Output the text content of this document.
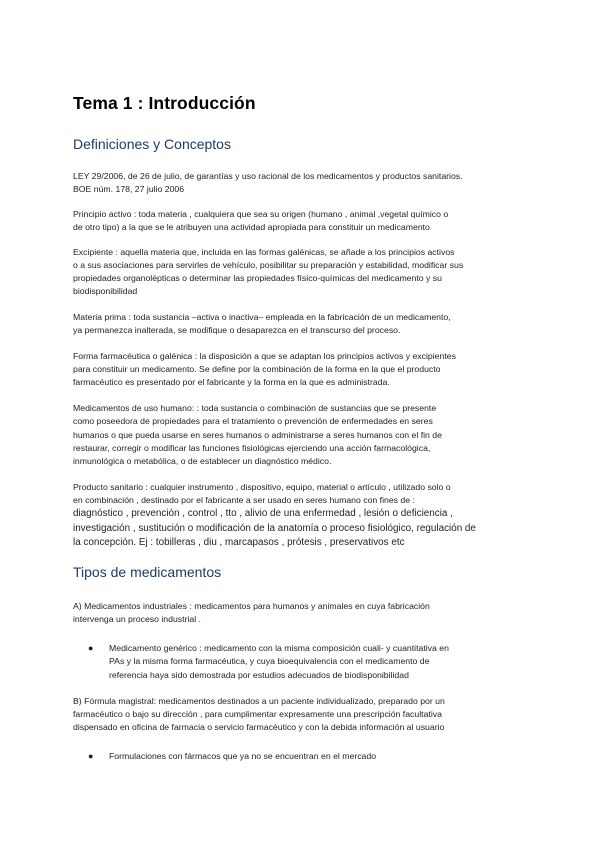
Tema 1 : Introducción
Definiciones y Conceptos

LEY 29/2006, de 26 de julio, de garantías y uso racional de los medicamentos y productos sanitarios.
BOE núm. 178, 27 julio 2006

Principio activo : toda materia , cualquiera que sea su origen (humano , animal ,vegetal químico o
de otro tipo) a la que se le atribuyen una actividad apropiada para constituir un medicamento

Excipiente : aquella materia que, incluida en las formas galénicas, se añade a los principios activos
o a sus asociaciones para servirles de vehículo, posibilitar su preparación y estabilidad, modificar sus
propiedades organolépticas o determinar las propiedades físico-químicas del medicamento y su
biodisponibilidad

Materia prima : toda sustancia –activa o inactiva– empleada en la fabricación de un medicamento,
ya permanezca inalterada, se modifique o desaparezca en el transcurso del proceso.

Forma farmacéutica o galénica : la disposición a que se adaptan los principios activos y excipientes
para constituir un medicamento. Se define por la combinación de la forma en la que el producto
farmacéutico es presentado por el fabricante y la forma en la que es administrada.

Medicamentos de uso humano: : toda sustancia o combinación de sustancias que se presente
como poseedora de propiedades para el tratamiento o prevención de enfermedades en seres
humanos o que pueda usarse en seres humanos o administrarse a seres humanos con el fin de
restaurar, corregir o modificar las funciones fisiológicas ejerciendo una acción farmacológica,
inmunológica o metabólica, o de establecer un diagnóstico médico.

Producto sanitario : cualquier instrumento , dispositivo, equipo, material o artículo , utilizado solo o
en combinación , destinado por el fabricante a ser usado en seres humano con fines de :
diagnóstico , prevención , control , tto , alivio de una enfermedad , lesión o deficiencia ,
investigación , sustitución o modificación de la anatomía o proceso fisiológico, regulación de
la concepción. Ej : tobilleras , diu , marcapasos , prótesis , preservativos etc

Tipos de medicamentos

A) Medicamentos industriales : medicamentos para humanos y animales en cuya fabricación
intervenga un proceso industrial .

● Medicamento genérico : medicamento con la misma composición cuali- y cuantitativa en
PAs y la misma forma farmacéutica, y cuya bioequivalencia con el medicamento de
referencia haya sido demostrada por estudios adecuados de biodisponibilidad

B) Fórmula magistral: medicamentos destinados a un paciente individualizado, preparado por un
farmacéutico o bajo su dirección , para cumplimentar expresamente una prescripción facultativa
dispensado en oficina de farmacia o servicio farmacéutico y con la debida información al usuario

● Formulaciones con fármacos que ya no se encuentran en el mercado
